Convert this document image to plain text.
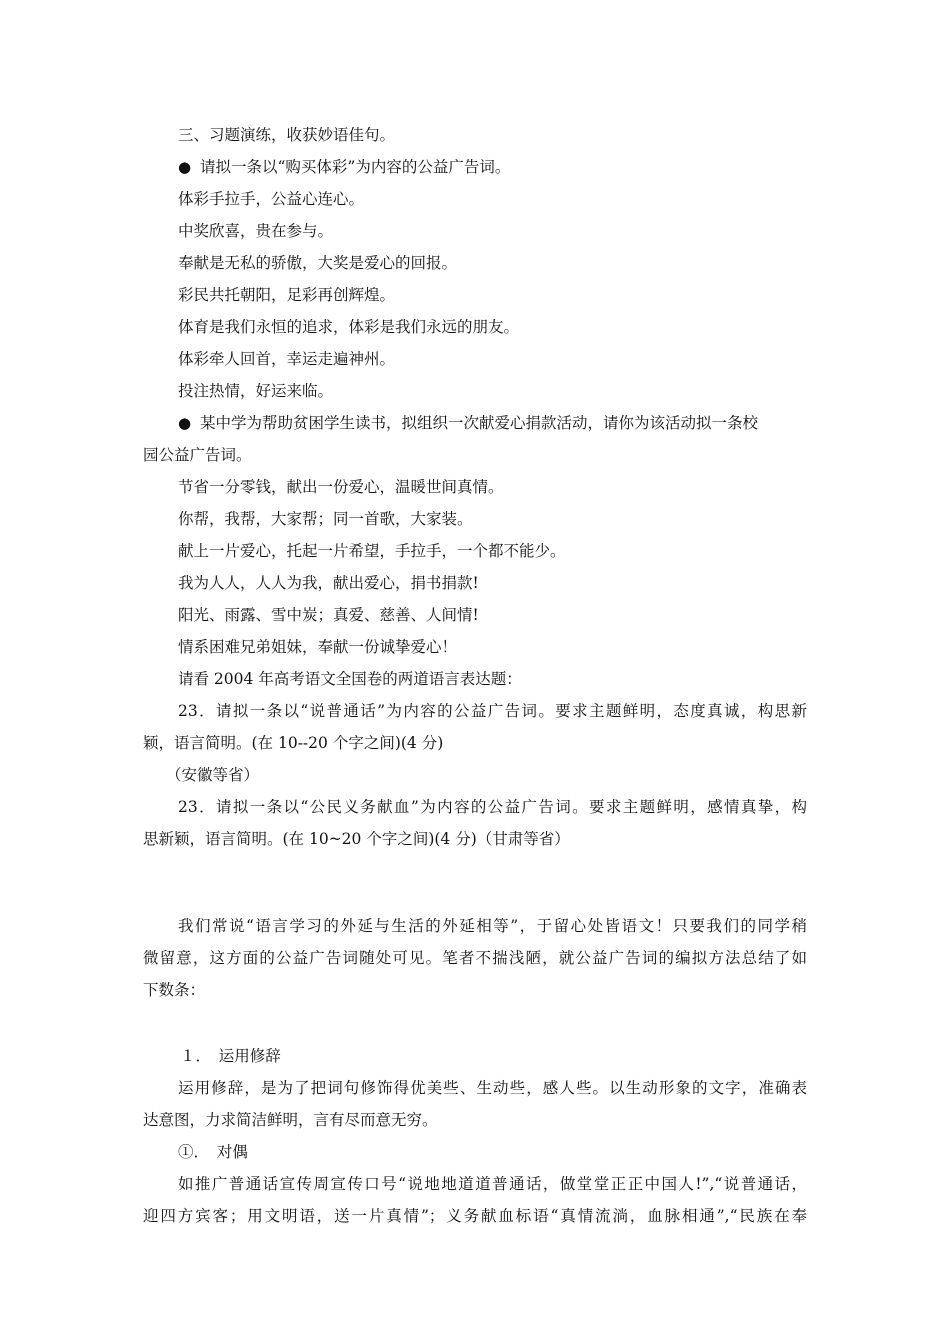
三、习题演练，收获妙语佳句。
● 请拟一条以“购买体彩”为内容的公益广告词。
体彩手拉手，公益心连心。
中奖欣喜，贵在参与。
奉献是无私的骄傲，大奖是爱心的回报。
彩民共托朝阳，足彩再创辉煌。
体育是我们永恒的追求，体彩是我们永远的朋友。
体彩牵人回首，幸运走遍神州。
投注热情，好运来临。
● 某中学为帮助贫困学生读书，拟组织一次献爱心捐款活动，请你为该活动拟一条校
园公益广告词。
节省一分零钱，献出一份爱心，温暖世间真情。
你帮，我帮，大家帮；同一首歌，大家装。
献上一片爱心，托起一片希望，手拉手，一个都不能少。
我为人人，人人为我，献出爱心，捐书捐款!
阳光、雨露、雪中炭；真爱、慈善、人间情!
情系困难兄弟姐妹，奉献一份诚挚爱心！
请看 2004 年高考语文全国卷的两道语言表达题：
23．请拟一条以“说普通话”为内容的公益广告词。要求主题鲜明，态度真诚，构思新
颖，语言简明。(在 10--20 个字之间)(4 分)
（安徽等省）
23．请拟一条以“公民义务献血”为内容的公益广告词。要求主题鲜明，感情真挚，构
思新颖，语言简明。(在 10~20 个字之间)(4 分)（甘肃等省）
我们常说“语言学习的外延与生活的外延相等”，于留心处皆语文！只要我们的同学稍
微留意，这方面的公益广告词随处可见。笔者不揣浅陋，就公益广告词的编拟方法总结了如
下数条：
１．　运用修辞
运用修辞，是为了把词句修饰得优美些、生动些，感人些。以生动形象的文字，准确表
达意图，力求简洁鲜明，言有尽而意无穷。
①．　对偶
如推广普通话宣传周宣传口号“说地地道道普通话，做堂堂正正中国人!”,“说普通话，
迎四方宾客；用文明语，送一片真情”；义务献血标语“真情流淌，血脉相通”,“民族在奉
